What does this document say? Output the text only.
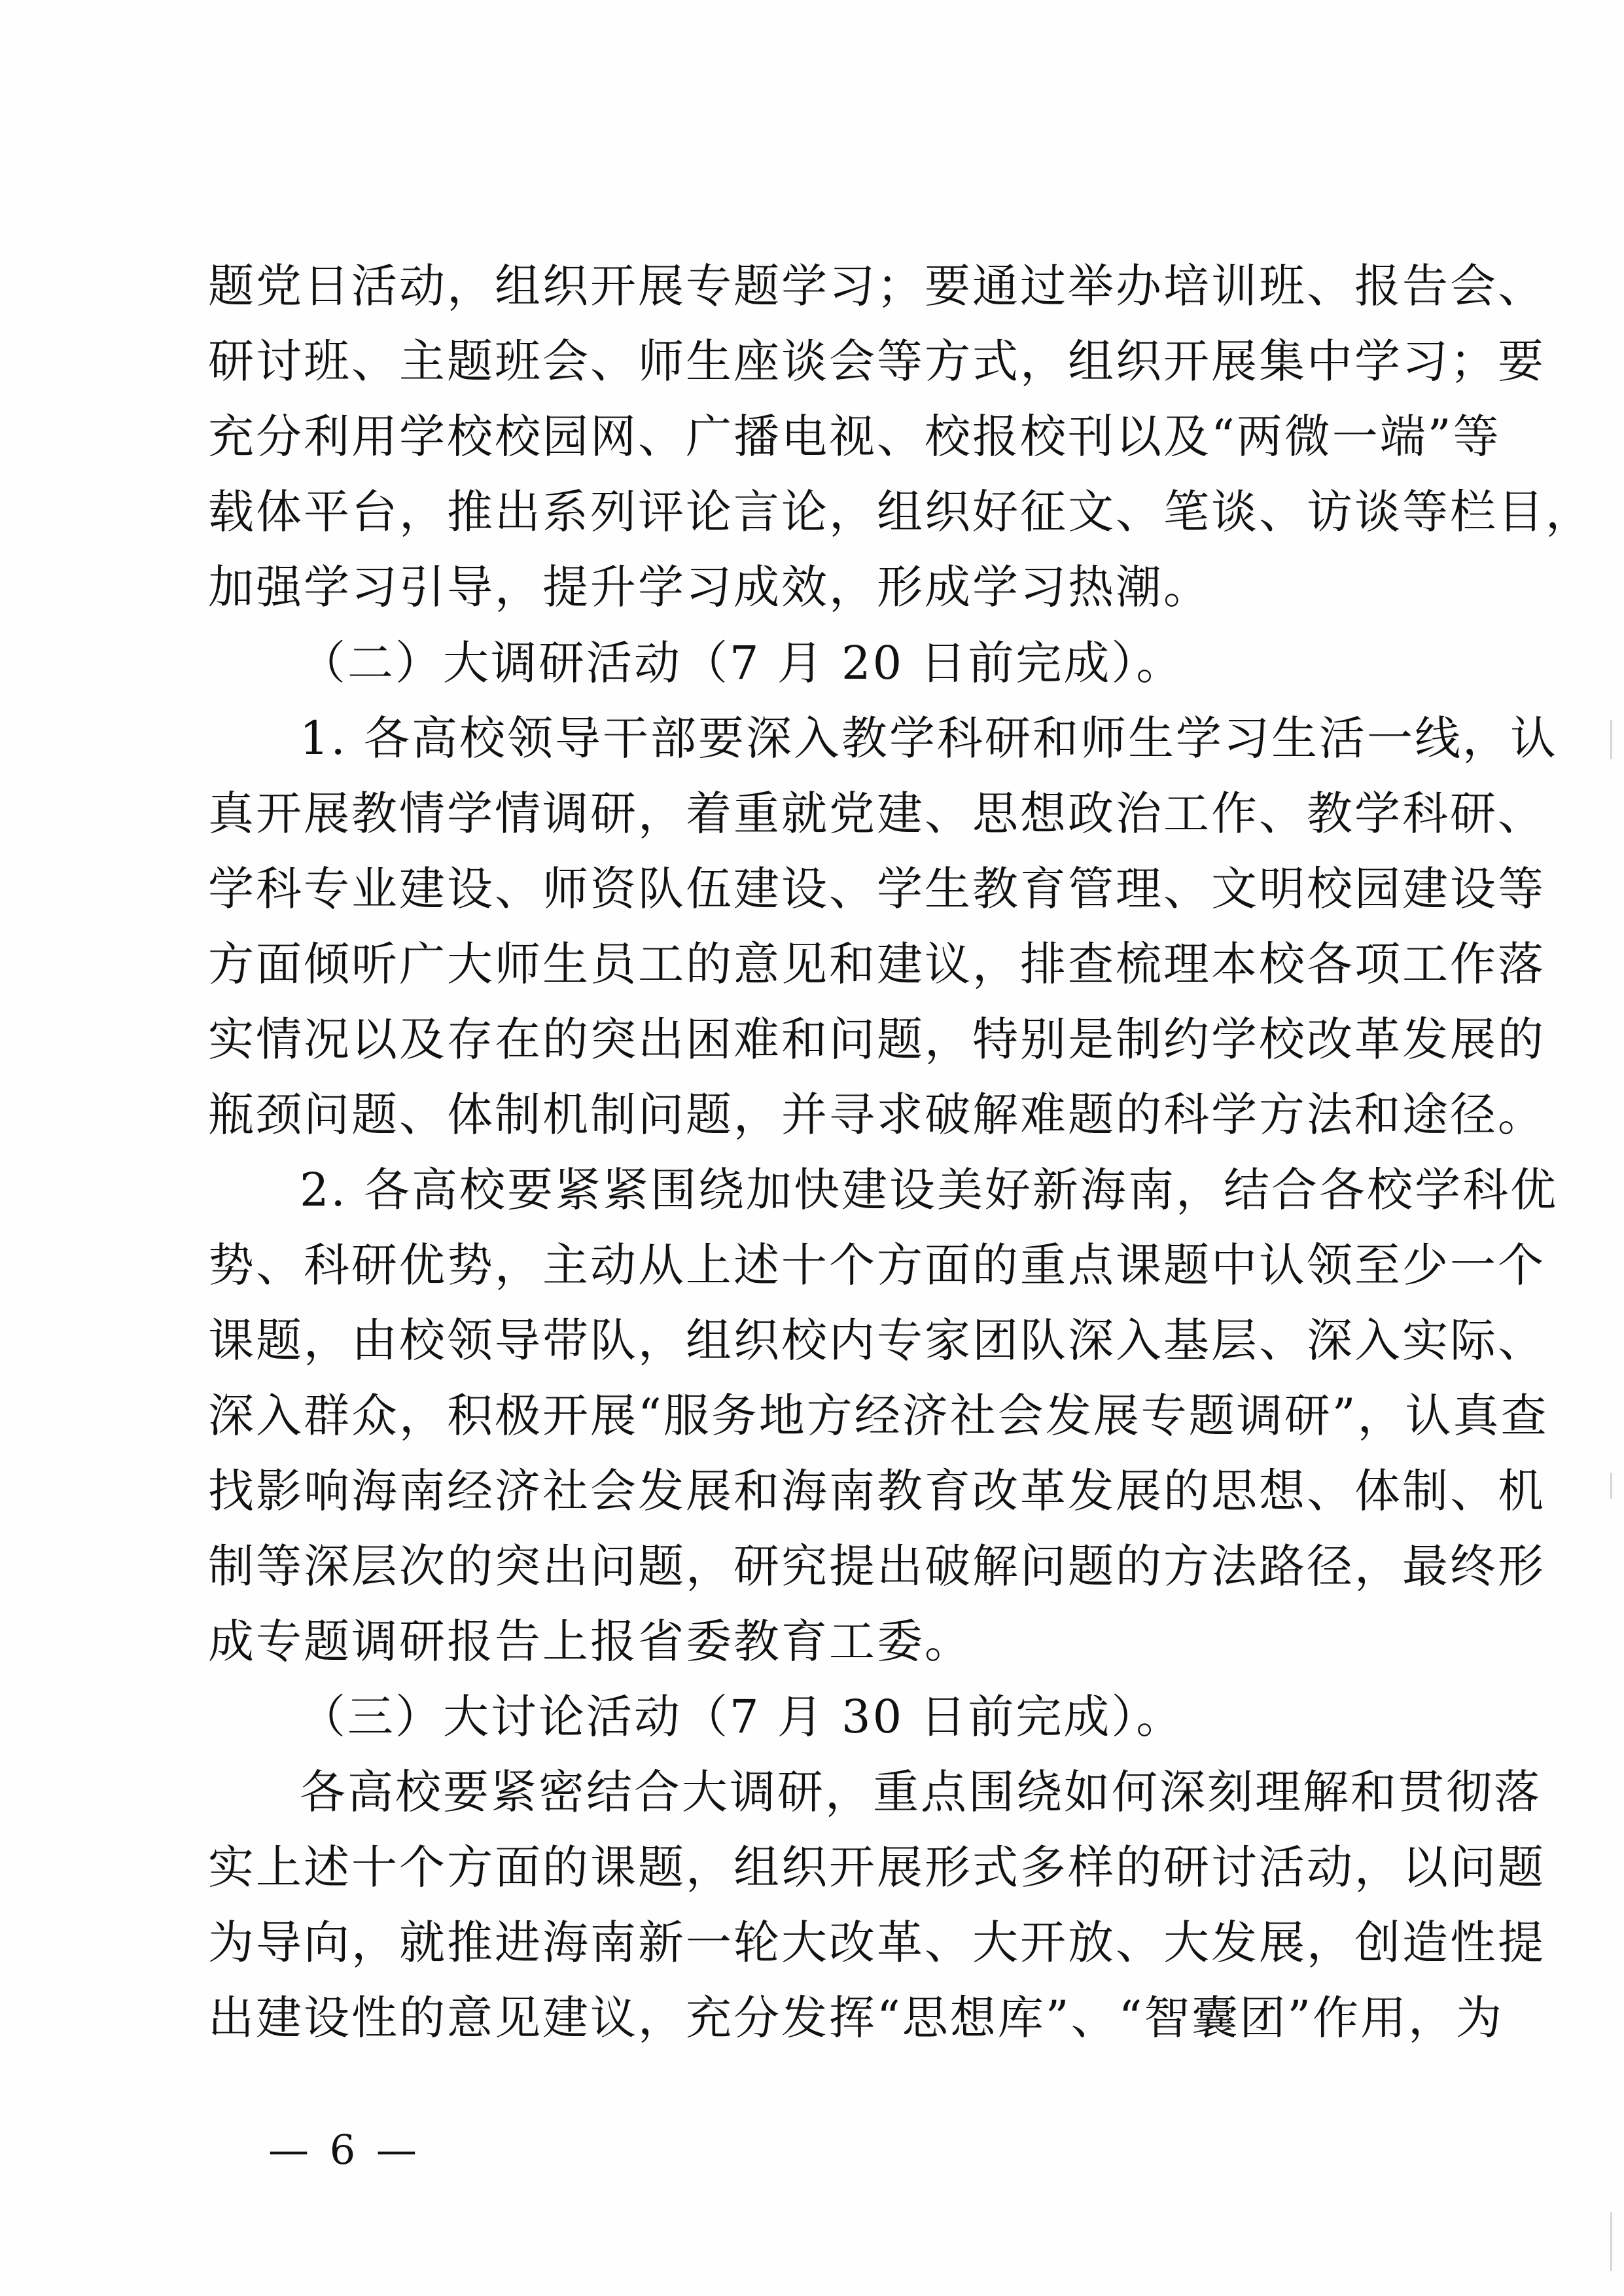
题党日活动，组织开展专题学习；要通过举办培训班、报告会、
研讨班、主题班会、师生座谈会等方式，组织开展集中学习；要
充分利用学校校园网、广播电视、校报校刊以及“两微一端”等
载体平台，推出系列评论言论，组织好征文、笔谈、访谈等栏目，
加强学习引导，提升学习成效，形成学习热潮。
（二）大调研活动（7 月 20 日前完成）。
1. 各高校领导干部要深入教学科研和师生学习生活一线，认
真开展教情学情调研，着重就党建、思想政治工作、教学科研、
学科专业建设、师资队伍建设、学生教育管理、文明校园建设等
方面倾听广大师生员工的意见和建议，排查梳理本校各项工作落
实情况以及存在的突出困难和问题，特别是制约学校改革发展的
瓶颈问题、体制机制问题，并寻求破解难题的科学方法和途径。
2. 各高校要紧紧围绕加快建设美好新海南，结合各校学科优
势、科研优势，主动从上述十个方面的重点课题中认领至少一个
课题，由校领导带队，组织校内专家团队深入基层、深入实际、
深入群众，积极开展“服务地方经济社会发展专题调研”，认真查
找影响海南经济社会发展和海南教育改革发展的思想、体制、机
制等深层次的突出问题，研究提出破解问题的方法路径，最终形
成专题调研报告上报省委教育工委。
（三）大讨论活动（7 月 30 日前完成）。
各高校要紧密结合大调研，重点围绕如何深刻理解和贯彻落
实上述十个方面的课题，组织开展形式多样的研讨活动，以问题
为导向，就推进海南新一轮大改革、大开放、大发展，创造性提
出建设性的意见建议，充分发挥“思想库”、“智囊团”作用，为
— 6 —
